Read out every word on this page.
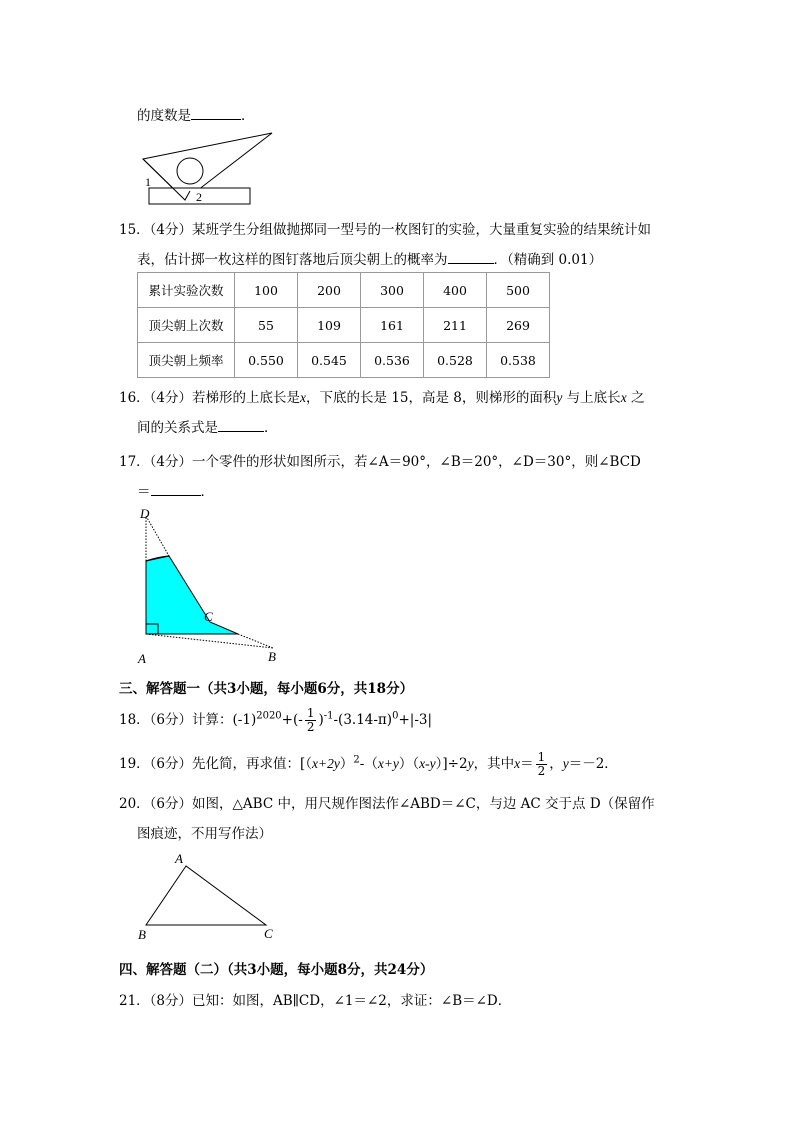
的度数是	．
1
2
15．（4分）某班学生分组做抛掷同一型号的一枚图钉的实验，大量重复实验的结果统计如
表，估计掷一枚这样的图钉落地后顶尖朝上的概率为	．（精确到 0.01）
累计实验次数	100	200	300	400	500
顶尖朝上次数	55	109	161	211	269
顶尖朝上频率	0.550	0.545	0.536	0.528	0.538
16．（4分）若梯形的上底长是x，下底的长是 15，高是 8，则梯形的面积y 与上底长x 之
间的关系式是	．
17．（4分）一个零件的形状如图所示，若∠A＝90°，∠B＝20°，∠D＝30°，则∠BCD
＝	．
D
C
A	B
三、解答题一（共3小题，每小题6分，共18分）
18．（6分）计算：$(-1)^{2020}+(- \frac{1}{2} )^{-1}-(3.14-\pi)^0+|-3|$
19．（6分）先化简，再求值：$[(x+2y)^2-(x+y)(x-y)]\div 2y$，其中$x= \frac{1}{2}$ ，y＝－2．
20．（6分）如图，△ABC 中，用尺规作图法作∠ABD＝∠C，与边 AC 交于点 D（保留作
图痕迹，不用写作法）
A
B	C
四、解答题（二）（共3小题，每小题8分，共24分）
21．（8分）已知：如图，AB∥CD，∠1＝∠2，求证：∠B＝∠D．
